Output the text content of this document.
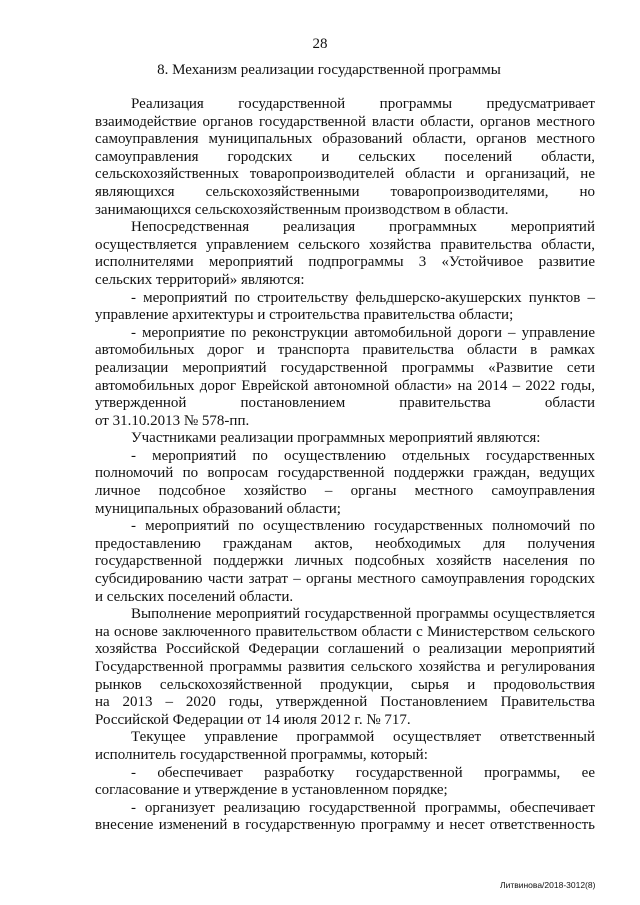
28
8. Механизм реализации государственной программы
Реализация государственной программы предусматривает
взаимодействие органов государственной власти области, органов местного
самоуправления муниципальных образований области, органов местного
самоуправления городских и сельских поселений области,
сельскохозяйственных товаропроизводителей области и организаций, не
являющихся сельскохозяйственными товаропроизводителями, но
занимающихся сельскохозяйственным производством в области.
Непосредственная реализация программных мероприятий
осуществляется управлением сельского хозяйства правительства области,
исполнителями мероприятий подпрограммы 3 «Устойчивое развитие
сельских территорий» являются:
- мероприятий по строительству фельдшерско-акушерских пунктов –
управление архитектуры и строительства правительства области;
- мероприятие по реконструкции автомобильной дороги – управление
автомобильных дорог и транспорта правительства области в рамках
реализации мероприятий государственной программы «Развитие сети
автомобильных дорог Еврейской автономной области» на 2014 – 2022 годы,
утвержденной постановлением правительства области
от 31.10.2013 № 578-пп.
Участниками реализации программных мероприятий являются:
- мероприятий по осуществлению отдельных государственных
полномочий по вопросам государственной поддержки граждан, ведущих
личное подсобное хозяйство – органы местного самоуправления
муниципальных образований области;
- мероприятий по осуществлению государственных полномочий по
предоставлению гражданам актов, необходимых для получения
государственной поддержки личных подсобных хозяйств населения по
субсидированию части затрат – органы местного самоуправления городских
и сельских поселений области.
Выполнение мероприятий государственной программы осуществляется
на основе заключенного правительством области с Министерством сельского
хозяйства Российской Федерации соглашений о реализации мероприятий
Государственной программы развития сельского хозяйства и регулирования
рынков сельскохозяйственной продукции, сырья и продовольствия
на 2013 – 2020 годы, утвержденной Постановлением Правительства
Российской Федерации от 14 июля 2012 г. № 717.
Текущее управление программой осуществляет ответственный
исполнитель государственной программы, который:
- обеспечивает разработку государственной программы, ее
согласование и утверждение в установленном порядке;
- организует реализацию государственной программы, обеспечивает
внесение изменений в государственную программу и несет ответственность
Литвинова/2018-3012(8)
